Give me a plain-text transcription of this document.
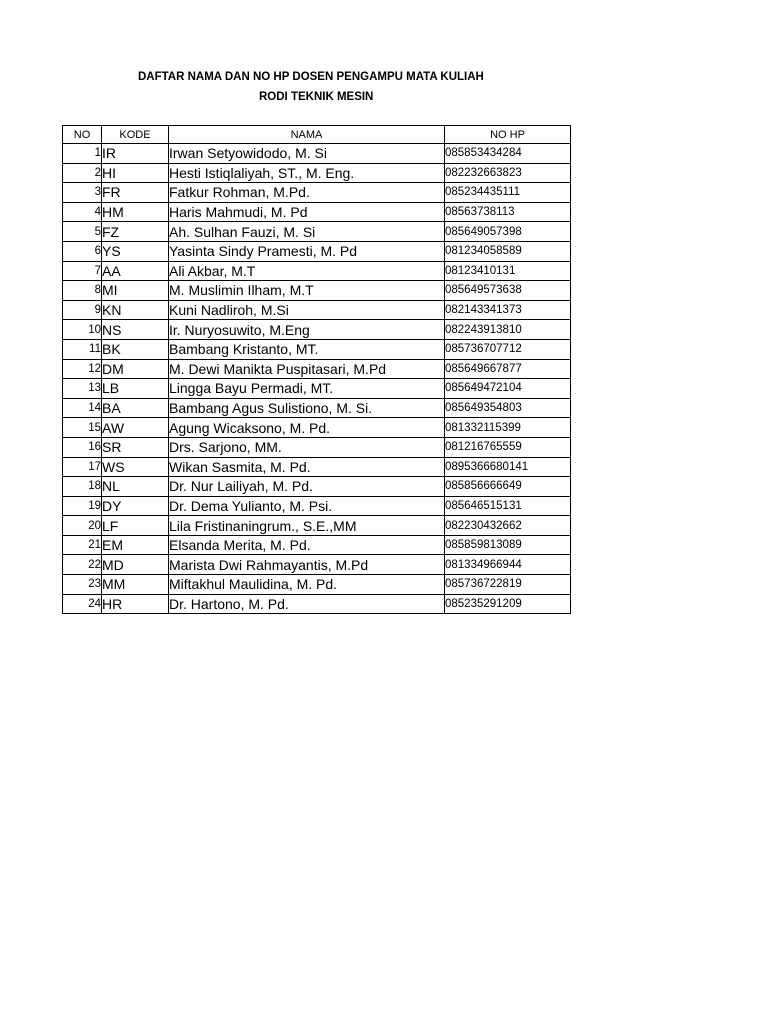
DAFTAR NAMA DAN NO HP DOSEN PENGAMPU MATA KULIAH
RODI TEKNIK MESIN
NO	KODE	NAMA	NO HP
1	IR	Irwan Setyowidodo, M. Si	085853434284
2	HI	Hesti Istiqlaliyah, ST., M. Eng.	082232663823
3	FR	Fatkur Rohman, M.Pd.	085234435111
4	HM	Haris Mahmudi, M. Pd	08563738113
5	FZ	Ah. Sulhan Fauzi, M. Si	085649057398
6	YS	Yasinta Sindy Pramesti, M. Pd	081234058589
7	AA	Ali Akbar, M.T	08123410131
8	MI	M. Muslimin Ilham, M.T	085649573638
9	KN	Kuni Nadliroh, M.Si	082143341373
10	NS	Ir. Nuryosuwito, M.Eng	082243913810
11	BK	Bambang Kristanto, MT.	085736707712
12	DM	M. Dewi Manikta Puspitasari, M.Pd	085649667877
13	LB	Lingga Bayu Permadi, MT.	085649472104
14	BA	Bambang Agus Sulistiono, M. Si.	085649354803
15	AW	Agung Wicaksono, M. Pd.	081332115399
16	SR	Drs. Sarjono, MM.	081216765559
17	WS	Wikan Sasmita, M. Pd.	0895366680141
18	NL	Dr. Nur Lailiyah, M. Pd.	085856666649
19	DY	Dr. Dema Yulianto, M. Psi.	085646515131
20	LF	Lila Fristinaningrum., S.E.,MM	082230432662
21	EM	Elsanda Merita, M. Pd.	085859813089
22	MD	Marista Dwi Rahmayantis, M.Pd	081334966944
23	MM	Miftakhul Maulidina, M. Pd.	085736722819
24	HR	Dr. Hartono, M. Pd.	085235291209
